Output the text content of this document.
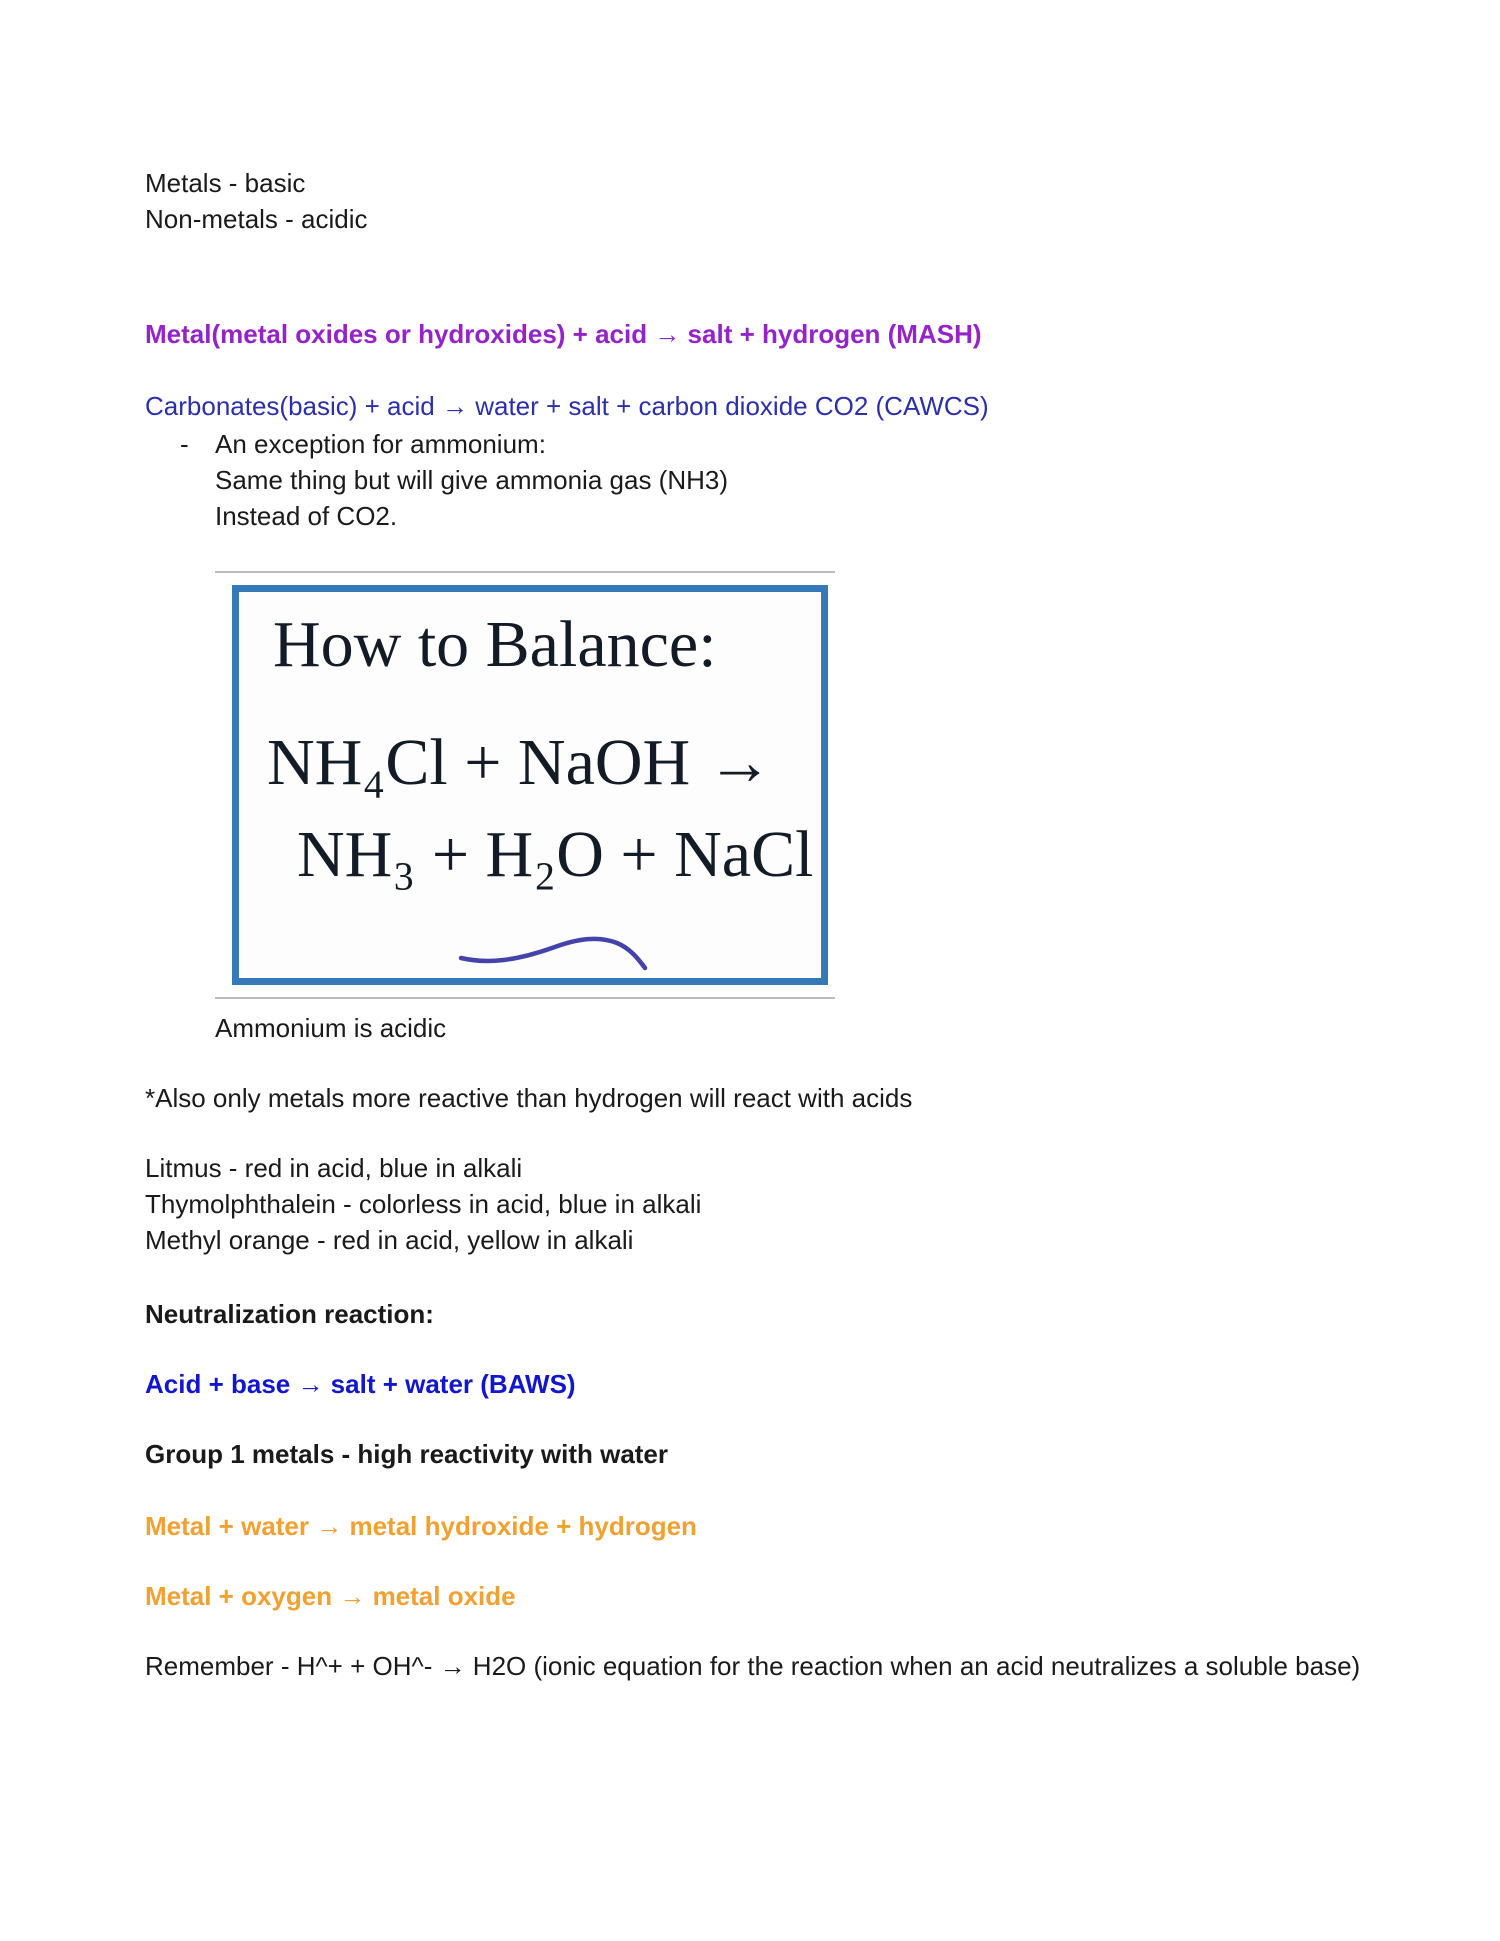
Metals - basic
Non-metals - acidic
Metal(metal oxides or hydroxides) + acid → salt + hydrogen (MASH)
Carbonates(basic) + acid → water + salt + carbon dioxide CO2 (CAWCS)
- An exception for ammonium:
Same thing but will give ammonia gas (NH3)
Instead of CO2.
How to Balance:
NH₄Cl + NaOH →
NH₃ + H₂O + NaCl
Ammonium is acidic
*Also only metals more reactive than hydrogen will react with acids
Litmus - red in acid, blue in alkali
Thymolphthalein - colorless in acid, blue in alkali
Methyl orange - red in acid, yellow in alkali
Neutralization reaction:
Acid + base → salt + water (BAWS)
Group 1 metals - high reactivity with water
Metal + water → metal hydroxide + hydrogen
Metal + oxygen → metal oxide
Remember - H^+ + OH^- → H2O (ionic equation for the reaction when an acid neutralizes a soluble base)
